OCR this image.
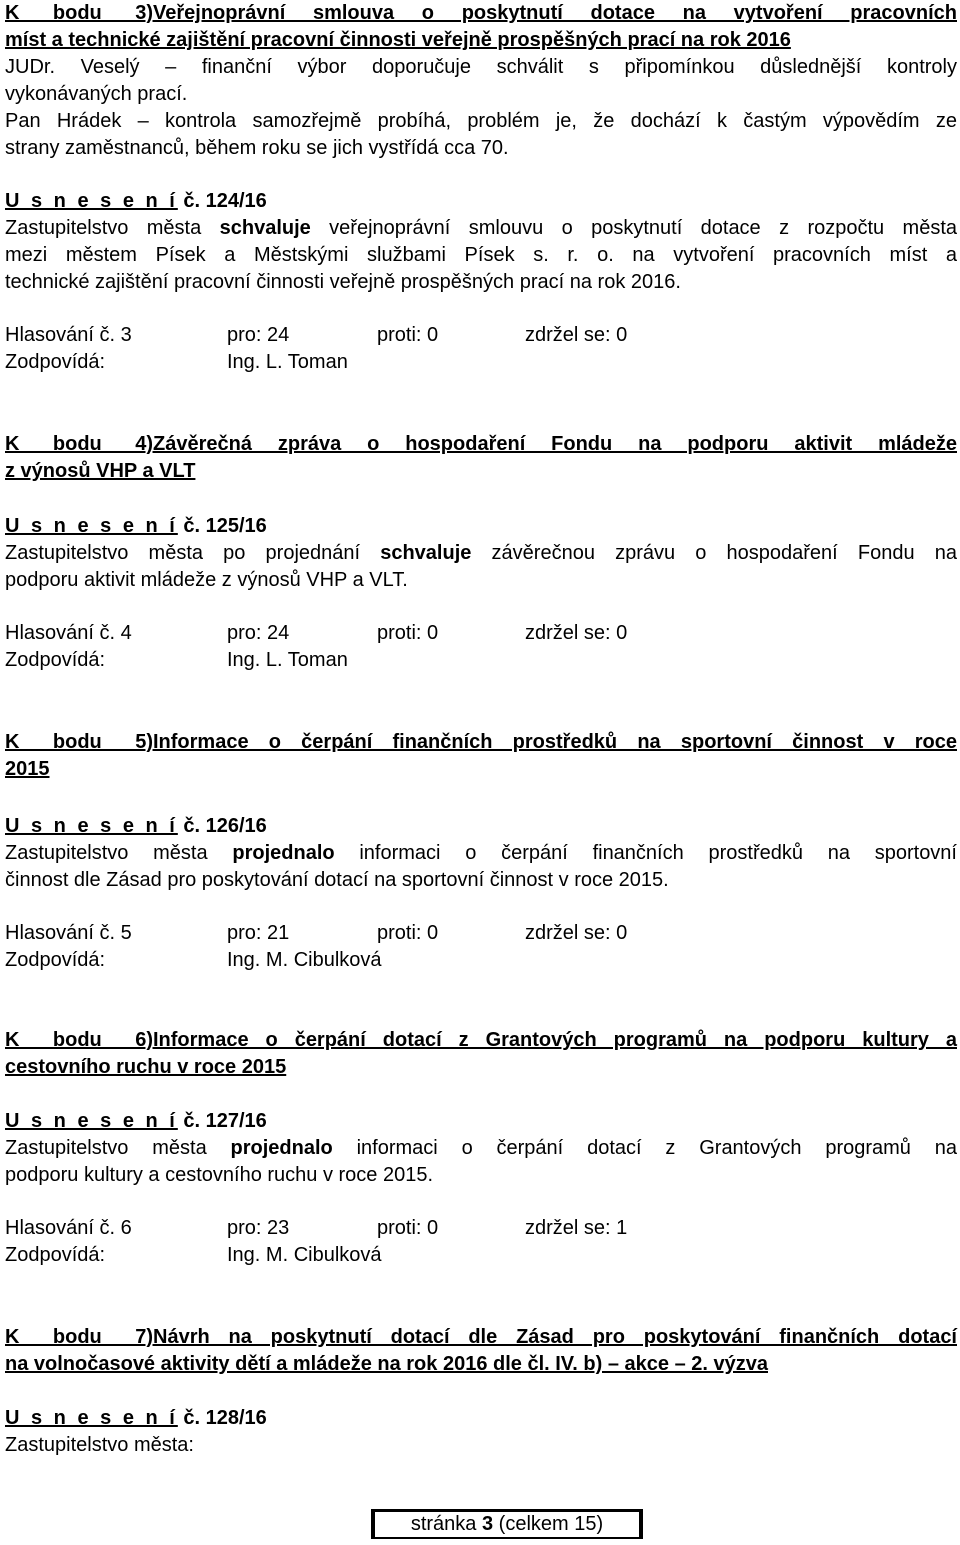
K bodu 3)Veřejnoprávní smlouva o poskytnutí dotace na vytvoření pracovních

míst a technické zajištění pracovní činnosti veřejně prospěšných prací na rok 2016

JUDr. Veselý – finanční výbor doporučuje schválit s připomínkou důslednější kontroly

vykonávaných prací.

Pan Hrádek – kontrola samozřejmě probíhá, problém je, že dochází k častým výpovědím ze

strany zaměstnanců, během roku se jich vystřídá cca 70.

U s n e s e n í č. 124/16

Zastupitelstvo města schvaluje veřejnoprávní smlouvu o poskytnutí dotace z rozpočtu města

mezi městem Písek a Městskými službami Písek s. r. o. na vytvoření pracovních míst a

technické zajištění pracovní činnosti veřejně prospěšných prací na rok 2016.

Hlasování č. 3	pro: 24	proti: 0	zdržel se: 0

Zodpovídá:	Ing. L. Toman

K bodu 4)Závěrečná zpráva o hospodaření Fondu na podporu aktivit mládeže

z výnosů VHP a VLT

U s n e s e n í č. 125/16

Zastupitelstvo města po projednání schvaluje závěrečnou zprávu o hospodaření Fondu na

podporu aktivit mládeže z výnosů VHP a VLT.

Hlasování č. 4	pro: 24	proti: 0	zdržel se: 0

Zodpovídá:	Ing. L. Toman

K bodu 5)Informace o čerpání finančních prostředků na sportovní činnost v roce

2015

U s n e s e n í č. 126/16

Zastupitelstvo města projednalo informaci o čerpání finančních prostředků na sportovní

činnost dle Zásad pro poskytování dotací na sportovní činnost v roce 2015.

Hlasování č. 5	pro: 21	proti: 0	zdržel se: 0

Zodpovídá:	Ing. M. Cibulková

K bodu 6)Informace o čerpání dotací z Grantových programů na podporu kultury a

cestovního ruchu v roce 2015

U s n e s e n í č. 127/16

Zastupitelstvo města projednalo informaci o čerpání dotací z Grantových programů na

podporu kultury a cestovního ruchu v roce 2015.

Hlasování č. 6	pro: 23	proti: 0	zdržel se: 1

Zodpovídá:	Ing. M. Cibulková

K bodu 7)Návrh na poskytnutí dotací dle Zásad pro poskytování finančních dotací

na volnočasové aktivity dětí a mládeže na rok 2016 dle čl. IV. b) – akce – 2. výzva

U s n e s e n í č. 128/16

Zastupitelstvo města:

stránka 3 (celkem 15)
